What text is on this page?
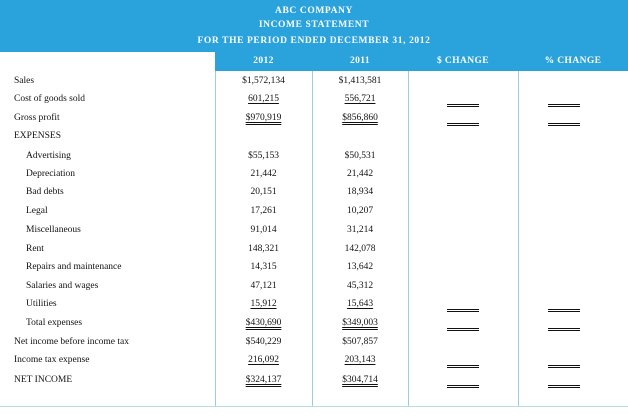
ABC COMPANY
INCOME STATEMENT
FOR THE PERIOD ENDED DECEMBER 31, 2012
2012	2011	$ CHANGE	% CHANGE
Sales	$1,572,134	$1,413,581
Cost of goods sold	601,215	556,721
Gross profit	$970,919	$856,860
EXPENSES
Advertising	$55,153	$50,531
Depreciation	21,442	21,442
Bad debts	20,151	18,934
Legal	17,261	10,207
Miscellaneous	91,014	31,214
Rent	148,321	142,078
Repairs and maintenance	14,315	13,642
Salaries and wages	47,121	45,312
Utilities	15,912	15,643
Total expenses	$430,690	$349,003
Net income before income tax	$540,229	$507,857
Income tax expense	216,092	203,143
NET INCOME	$324,137	$304,714
